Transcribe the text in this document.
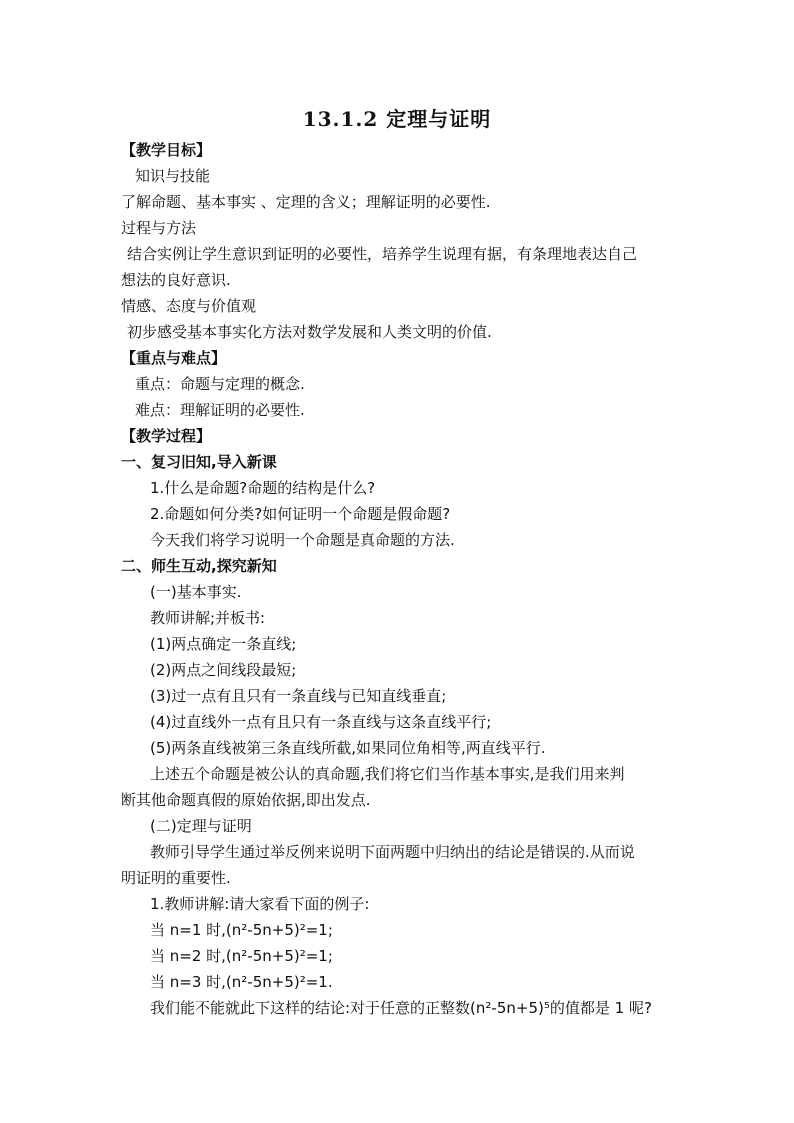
13.1.2 定理与证明
【教学目标】
知识与技能
了解命题、基本事实 、定理的含义；理解证明的必要性.
过程与方法
结合实例让学生意识到证明的必要性，培养学生说理有据，有条理地表达自己
想法的良好意识.
情感、态度与价值观
初步感受基本事实化方法对数学发展和人类文明的价值.
【重点与难点】
重点：命题与定理的概念.
难点：理解证明的必要性.
【教学过程】
一、复习旧知,导入新课
1.什么是命题?命题的结构是什么?
2.命题如何分类?如何证明一个命题是假命题?
今天我们将学习说明一个命题是真命题的方法.
二、师生互动,探究新知
(一)基本事实.
教师讲解;并板书:
(1)两点确定一条直线;
(2)两点之间线段最短;
(3)过一点有且只有一条直线与已知直线垂直;
(4)过直线外一点有且只有一条直线与这条直线平行;
(5)两条直线被第三条直线所截,如果同位角相等,两直线平行.
上述五个命题是被公认的真命题,我们将它们当作基本事实,是我们用来判
断其他命题真假的原始依据,即出发点.
(二)定理与证明
教师引导学生通过举反例来说明下面两题中归纳出的结论是错误的.从而说
明证明的重要性.
1.教师讲解:请大家看下面的例子:
当 n=1 时,(n²-5n+5)²=1;
当 n=2 时,(n²-5n+5)²=1;
当 n=3 时,(n²-5n+5)²=1.
我们能不能就此下这样的结论:对于任意的正整数(n²-5n+5)⁵的值都是 1 呢?
